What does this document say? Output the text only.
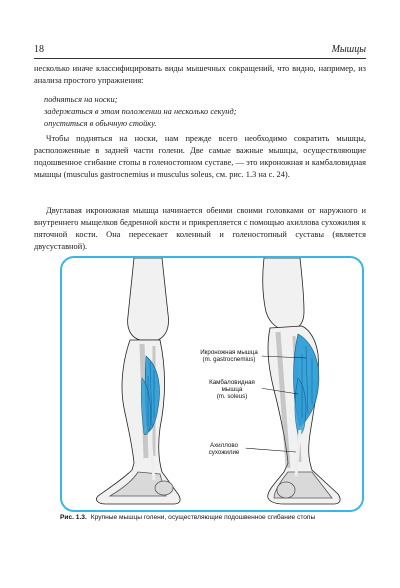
18	Мышцы

несколько иначе классифицировать виды мышечных сокращений, что видно, например, из анализа простого упражнения:

подняться на носки;
задержаться в этом положении на несколько секунд;
опуститься в обычную стойку.

Чтобы подняться на носки, нам прежде всего необходимо сократить мышцы, расположенные в задней части голени. Две самые важные мышцы, осуществляющие подошвенное сгибание стопы в голеностопном суставе, — это икроножная и камбаловидная мышцы (musculus gastrocnemius и musculus soleus, см. рис. 1.3 на с. 24).

Двуглавая икроножная мышца начинается обеими своими головками от наружного и внутреннего мыщелков бедренной кости и прикрепляется с помощью ахиллова сухожилия к пяточной кости. Она пересекает коленный и голеностопный суставы (является двусуставной).

Икроножная мышца
(m. gastrocnemius)
Камбаловидная
мышца
(m. soleus)
Ахиллово
сухожилие
Рис. 1.3. Крупные мышцы голени, осуществляющие подошвенное сгибание стопы
